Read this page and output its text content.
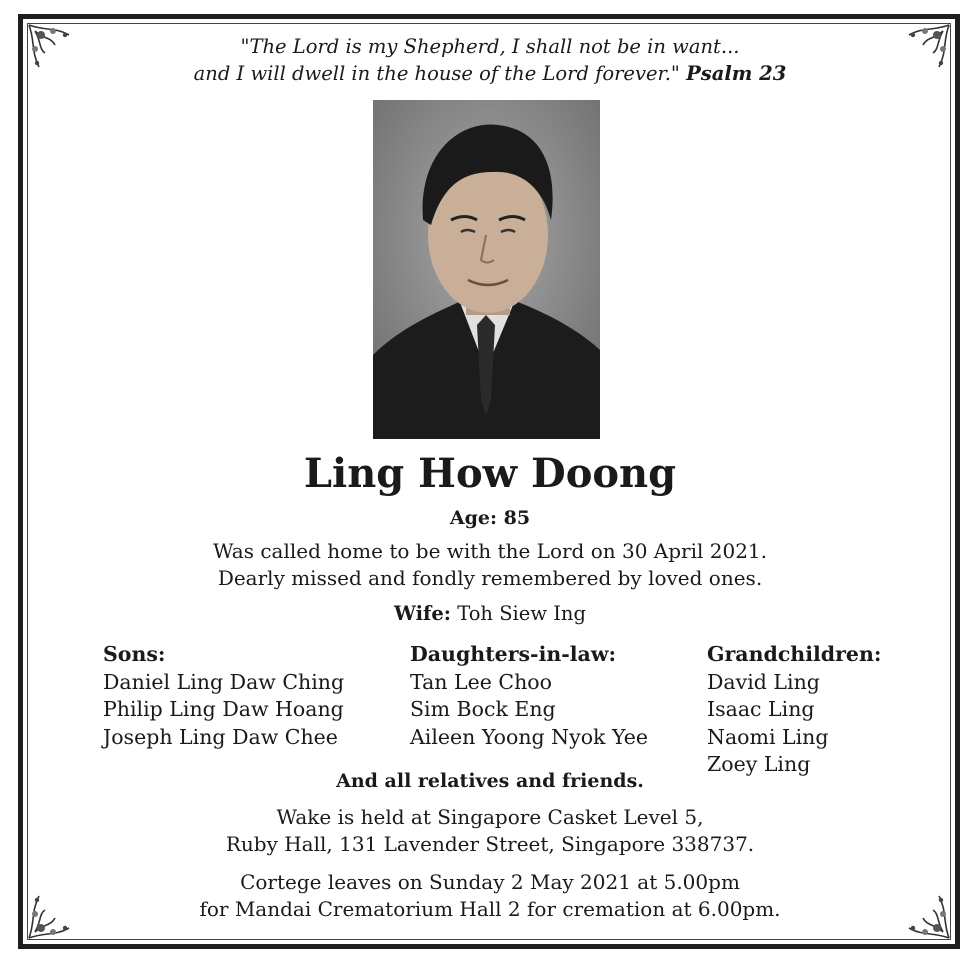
"The Lord is my Shepherd, I shall not be in want...
and I will dwell in the house of the Lord forever." Psalm 23
Ling How Doong
Age: 85
Was called home to be with the Lord on 30 April 2021.
Dearly missed and fondly remembered by loved ones.
Wife: Toh Siew Ing
Sons:
Daniel Ling Daw Ching
Philip Ling Daw Hoang
Joseph Ling Daw Chee
Daughters-in-law:
Tan Lee Choo
Sim Bock Eng
Aileen Yoong Nyok Yee
Grandchildren:
David Ling
Isaac Ling
Naomi Ling
Zoey Ling
And all relatives and friends.
Wake is held at Singapore Casket Level 5,
Ruby Hall, 131 Lavender Street, Singapore 338737.
Cortege leaves on Sunday 2 May 2021 at 5.00pm
for Mandai Crematorium Hall 2 for cremation at 6.00pm.
